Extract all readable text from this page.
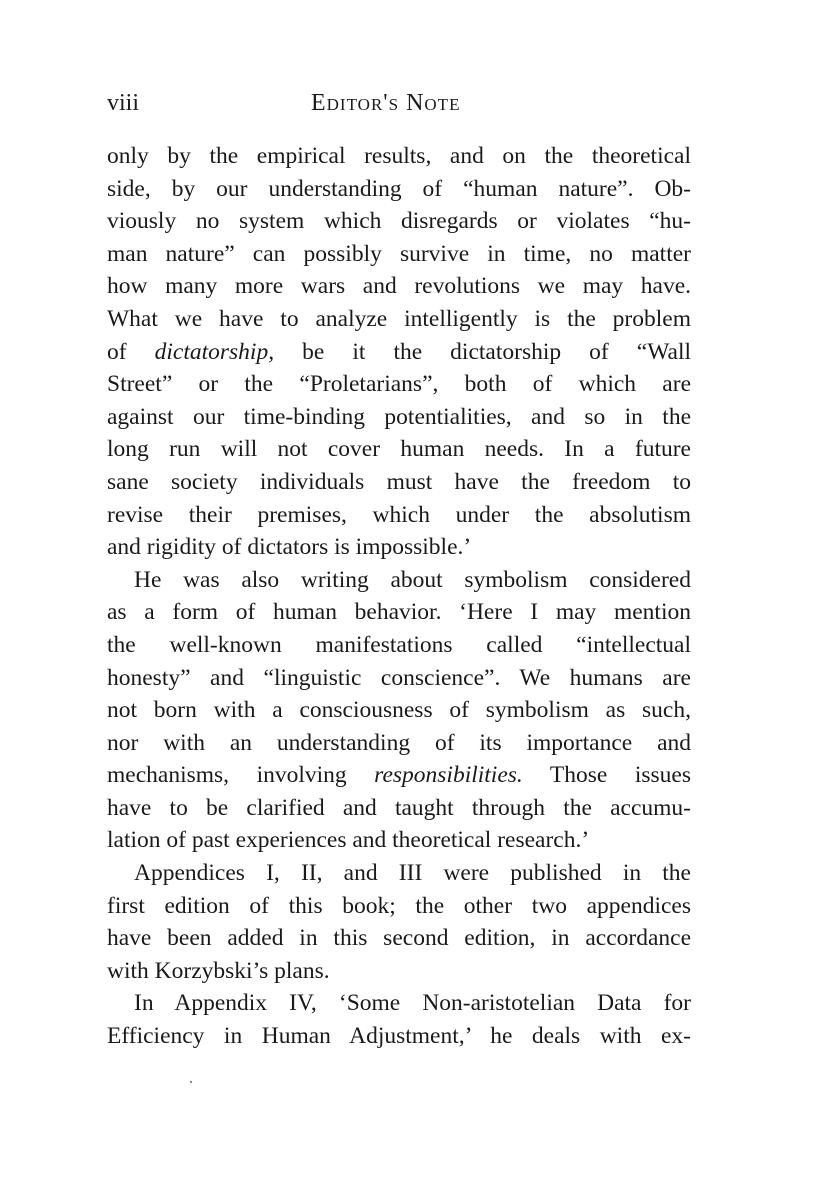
viii	Editor's Note
only by the empirical results, and on the theoretical
side, by our understanding of “human nature”. Ob-
viously no system which disregards or violates “hu-
man nature” can possibly survive in time, no matter
how many more wars and revolutions we may have.
What we have to analyze intelligently is the problem
of dictatorship, be it the dictatorship of “Wall
Street” or the “Proletarians”, both of which are
against our time-binding potentialities, and so in the
long run will not cover human needs. In a future
sane society individuals must have the freedom to
revise their premises, which under the absolutism
and rigidity of dictators is impossible.’
He was also writing about symbolism considered
as a form of human behavior. ‘Here I may mention
the well-known manifestations called “intellectual
honesty” and “linguistic conscience”. We humans are
not born with a consciousness of symbolism as such,
nor with an understanding of its importance and
mechanisms, involving responsibilities. Those issues
have to be clarified and taught through the accumu-
lation of past experiences and theoretical research.’
Appendices I, II, and III were published in the
first edition of this book; the other two appendices
have been added in this second edition, in accordance
with Korzybski’s plans.
In Appendix IV, ‘Some Non-aristotelian Data for
Efficiency in Human Adjustment,’ he deals with ex-
